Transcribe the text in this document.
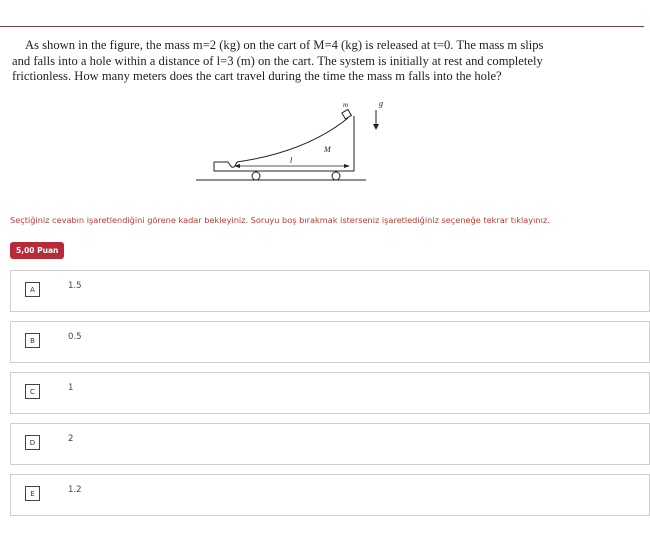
As shown in the figure, the mass m=2 (kg) on the cart of M=4 (kg) is released at t=0. The mass m slips
and falls into a hole within a distance of l=3 (m) on the cart. The system is initially at rest and completely
frictionless. How many meters does the cart travel during the time the mass m falls into the hole?
m
M
l
g
Seçtiğiniz cevabın işaretlendiğini görene kadar bekleyiniz. Soruyu boş bırakmak isterseniz işaretlediğiniz seçeneğe tekrar tıklayınız.
5,00 Puan
A	1.5
B	0.5
C	1
D	2
E	1.2
